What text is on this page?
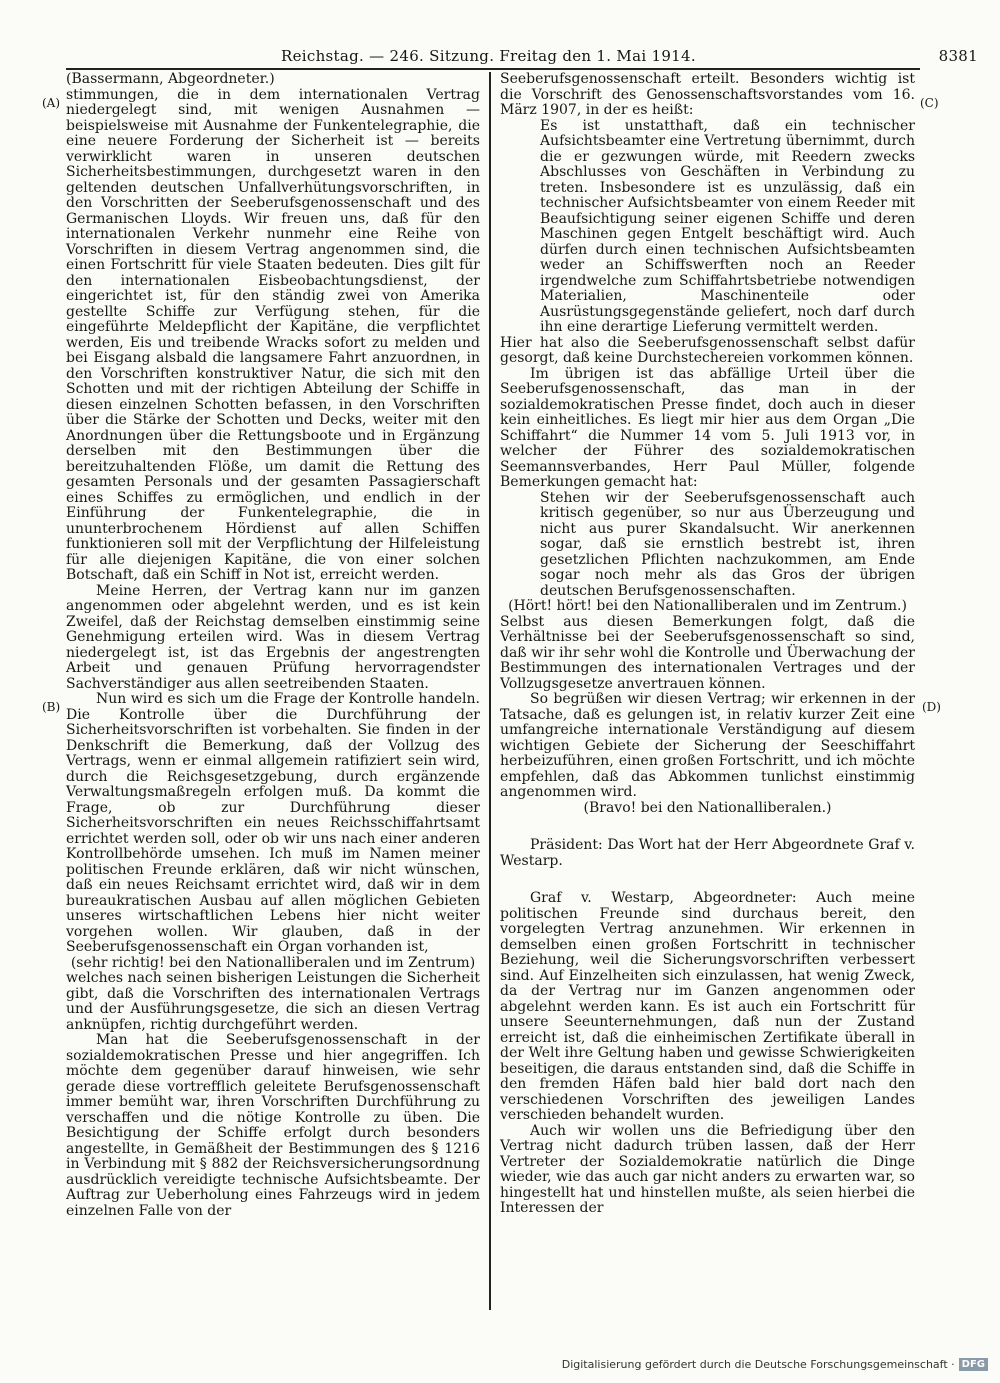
Reichstag. — 246. Sitzung. Freitag den 1. Mai 1914.	8381
(A)
(B)
(C)
(D)

(Bassermann, Abgeordneter.)

stimmungen, die in dem internationalen Vertrag niedergelegt sind, mit wenigen Ausnahmen — beispielsweise mit Ausnahme der Funkentelegraphie, die eine neuere Forderung der Sicherheit ist — bereits verwirklicht waren in unseren deutschen Sicherheitsbestimmungen, durchgesetzt waren in den geltenden deutschen Unfallverhütungsvorschriften, in den Vorschritten der Seeberufsgenossenschaft und des Germanischen Lloyds. Wir freuen uns, daß für den internationalen Verkehr nunmehr eine Reihe von Vorschriften in diesem Vertrag angenommen sind, die einen Fortschritt für viele Staaten bedeuten. Dies gilt für den internationalen Eisbeobachtungsdienst, der eingerichtet ist, für den ständig zwei von Amerika gestellte Schiffe zur Verfügung stehen, für die eingeführte Meldepflicht der Kapitäne, die verpflichtet werden, Eis und treibende Wracks sofort zu melden und bei Eisgang alsbald die langsamere Fahrt anzuordnen, in den Vorschriften konstruktiver Natur, die sich mit den Schotten und mit der richtigen Abteilung der Schiffe in diesen einzelnen Schotten befassen, in den Vorschriften über die Stärke der Schotten und Decks, weiter mit den Anordnungen über die Rettungsboote und in Ergänzung derselben mit den Bestimmungen über die bereitzuhaltenden Flöße, um damit die Rettung des gesamten Personals und der gesamten Passagierschaft eines Schiffes zu ermöglichen, und endlich in der Einführung der Funkentelegraphie, die in ununterbrochenem Hördienst auf allen Schiffen funktionieren soll mit der Verpflichtung der Hilfeleistung für alle diejenigen Kapitäne, die von einer solchen Botschaft, daß ein Schiff in Not ist, erreicht werden.

Meine Herren, der Vertrag kann nur im ganzen angenommen oder abgelehnt werden, und es ist kein Zweifel, daß der Reichstag demselben einstimmig seine Genehmigung erteilen wird. Was in diesem Vertrag niedergelegt ist, ist das Ergebnis der angestrengten Arbeit und genauen Prüfung hervorragendster Sachverständiger aus allen seetreibenden Staaten.

Nun wird es sich um die Frage der Kontrolle handeln. Die Kontrolle über die Durchführung der Sicherheitsvorschriften ist vorbehalten. Sie finden in der Denkschrift die Bemerkung, daß der Vollzug des Vertrags, wenn er einmal allgemein ratifiziert sein wird, durch die Reichsgesetzgebung, durch ergänzende Verwaltungsmaßregeln erfolgen muß. Da kommt die Frage, ob zur Durchführung dieser Sicherheitsvorschriften ein neues Reichsschiffahrtsamt errichtet werden soll, oder ob wir uns nach einer anderen Kontrollbehörde umsehen. Ich muß im Namen meiner politischen Freunde erklären, daß wir nicht wünschen, daß ein neues Reichsamt errichtet wird, daß wir in dem bureaukratischen Ausbau auf allen möglichen Gebieten unseres wirtschaftlichen Lebens hier nicht weiter vorgehen wollen. Wir glauben, daß in der Seeberufsgenossenschaft ein Organ vorhanden ist,

(sehr richtig! bei den Nationalliberalen und im Zentrum)

welches nach seinen bisherigen Leistungen die Sicherheit gibt, daß die Vorschriften des internationalen Vertrags und der Ausführungsgesetze, die sich an diesen Vertrag anknüpfen, richtig durchgeführt werden.

Man hat die Seeberufsgenossenschaft in der sozialdemokratischen Presse und hier angegriffen. Ich möchte dem gegenüber darauf hinweisen, wie sehr gerade diese vortrefflich geleitete Berufsgenossenschaft immer bemüht war, ihren Vorschriften Durchführung zu verschaffen und die nötige Kontrolle zu üben. Die Besichtigung der Schiffe erfolgt durch besonders angestellte, in Gemäßheit der Bestimmungen des § 1216 in Verbindung mit § 882 der Reichsversicherungsordnung ausdrücklich vereidigte technische Aufsichtsbeamte. Der Auftrag zur Ueberholung eines Fahrzeugs wird in jedem einzelnen Falle von der

Seeberufsgenossenschaft erteilt. Besonders wichtig ist die Vorschrift des Genossenschaftsvorstandes vom 16. März 1907, in der es heißt:

Es ist unstatthaft, daß ein technischer Aufsichtsbeamter eine Vertretung übernimmt, durch die er gezwungen würde, mit Reedern zwecks Abschlusses von Geschäften in Verbindung zu treten. Insbesondere ist es unzulässig, daß ein technischer Aufsichtsbeamter von einem Reeder mit Beaufsichtigung seiner eigenen Schiffe und deren Maschinen gegen Entgelt beschäftigt wird. Auch dürfen durch einen technischen Aufsichtsbeamten weder an Schiffswerften noch an Reeder irgendwelche zum Schiffahrtsbetriebe notwendigen Materialien, Maschinenteile oder Ausrüstungsgegenstände geliefert, noch darf durch ihn eine derartige Lieferung vermittelt werden.

Hier hat also die Seeberufsgenossenschaft selbst dafür gesorgt, daß keine Durchstechereien vorkommen können.

Im übrigen ist das abfällige Urteil über die Seeberufsgenossenschaft, das man in der sozialdemokratischen Presse findet, doch auch in dieser kein einheitliches. Es liegt mir hier aus dem Organ „Die Schiffahrt“ die Nummer 14 vom 5. Juli 1913 vor, in welcher der Führer des sozialdemokratischen Seemannsverbandes, Herr Paul Müller, folgende Bemerkungen gemacht hat:

Stehen wir der Seeberufsgenossenschaft auch kritisch gegenüber, so nur aus Überzeugung und nicht aus purer Skandalsucht. Wir anerkennen sogar, daß sie ernstlich bestrebt ist, ihren gesetzlichen Pflichten nachzukommen, am Ende sogar noch mehr als das Gros der übrigen deutschen Berufsgenossenschaften.

(Hört! hört! bei den Nationalliberalen und im Zentrum.)

Selbst aus diesen Bemerkungen folgt, daß die Verhältnisse bei der Seeberufsgenossenschaft so sind, daß wir ihr sehr wohl die Kontrolle und Überwachung der Bestimmungen des internationalen Vertrages und der Vollzugsgesetze anvertrauen können.

So begrüßen wir diesen Vertrag; wir erkennen in der Tatsache, daß es gelungen ist, in relativ kurzer Zeit eine umfangreiche internationale Verständigung auf diesem wichtigen Gebiete der Sicherung der Seeschiffahrt herbeizuführen, einen großen Fortschritt, und ich möchte empfehlen, daß das Abkommen tunlichst einstimmig angenommen wird.

(Bravo! bei den Nationalliberalen.)

Präsident: Das Wort hat der Herr Abgeordnete Graf v. Westarp.

Graf v. Westarp, Abgeordneter: Auch meine politischen Freunde sind durchaus bereit, den vorgelegten Vertrag anzunehmen. Wir erkennen in demselben einen großen Fortschritt in technischer Beziehung, weil die Sicherungsvorschriften verbessert sind. Auf Einzelheiten sich einzulassen, hat wenig Zweck, da der Vertrag nur im Ganzen angenommen oder abgelehnt werden kann. Es ist auch ein Fortschritt für unsere Seeunternehmungen, daß nun der Zustand erreicht ist, daß die einheimischen Zertifikate überall in der Welt ihre Geltung haben und gewisse Schwierigkeiten beseitigen, die daraus entstanden sind, daß die Schiffe in den fremden Häfen bald hier bald dort nach den verschiedenen Vorschriften des jeweiligen Landes verschieden behandelt wurden.

Auch wir wollen uns die Befriedigung über den Vertrag nicht dadurch trüben lassen, daß der Herr Vertreter der Sozialdemokratie natürlich die Dinge wieder, wie das auch gar nicht anders zu erwarten war, so hingestellt hat und hinstellen mußte, als seien hierbei die Interessen der

Digitalisierung gefördert durch die Deutsche Forschungsgemeinschaft · DFG
